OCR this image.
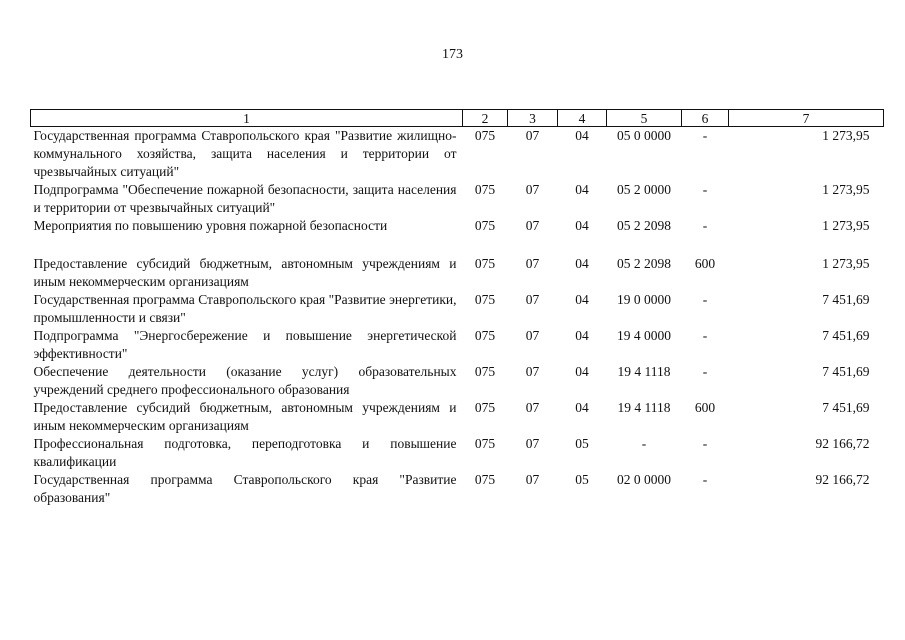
173
1	2	3	4	5	6	7
Государственная программа Ставропольского края "Развитие жилищно-коммунального хозяйства, защита населения и территории от чрезвычайных ситуаций"	075	07	04	05 0 0000	-	1 273,95
Подпрограмма "Обеспечение пожарной безопасности, защита населения и территории от чрезвычайных ситуаций"	075	07	04	05 2 0000	-	1 273,95
Мероприятия по повышению уровня пожарной безопасности	075	07	04	05 2 2098	-	1 273,95
Предоставление субсидий бюджетным, автономным учреждениям и иным некоммерческим организациям	075	07	04	05 2 2098	600	1 273,95
Государственная программа Ставропольского края "Развитие энергетики, промышленности и связи"	075	07	04	19 0 0000	-	7 451,69
Подпрограмма "Энергосбережение и повышение энергетической эффективности"	075	07	04	19 4 0000	-	7 451,69
Обеспечение деятельности (оказание услуг) образовательных учреждений среднего профессионального образования	075	07	04	19 4 1118	-	7 451,69
Предоставление субсидий бюджетным, автономным учреждениям и иным некоммерческим организациям	075	07	04	19 4 1118	600	7 451,69
Профессиональная подготовка, переподготовка и повышение квалификации	075	07	05	-	-	92 166,72
Государственная программа Ставропольского края "Развитие образования"	075	07	05	02 0 0000	-	92 166,72
